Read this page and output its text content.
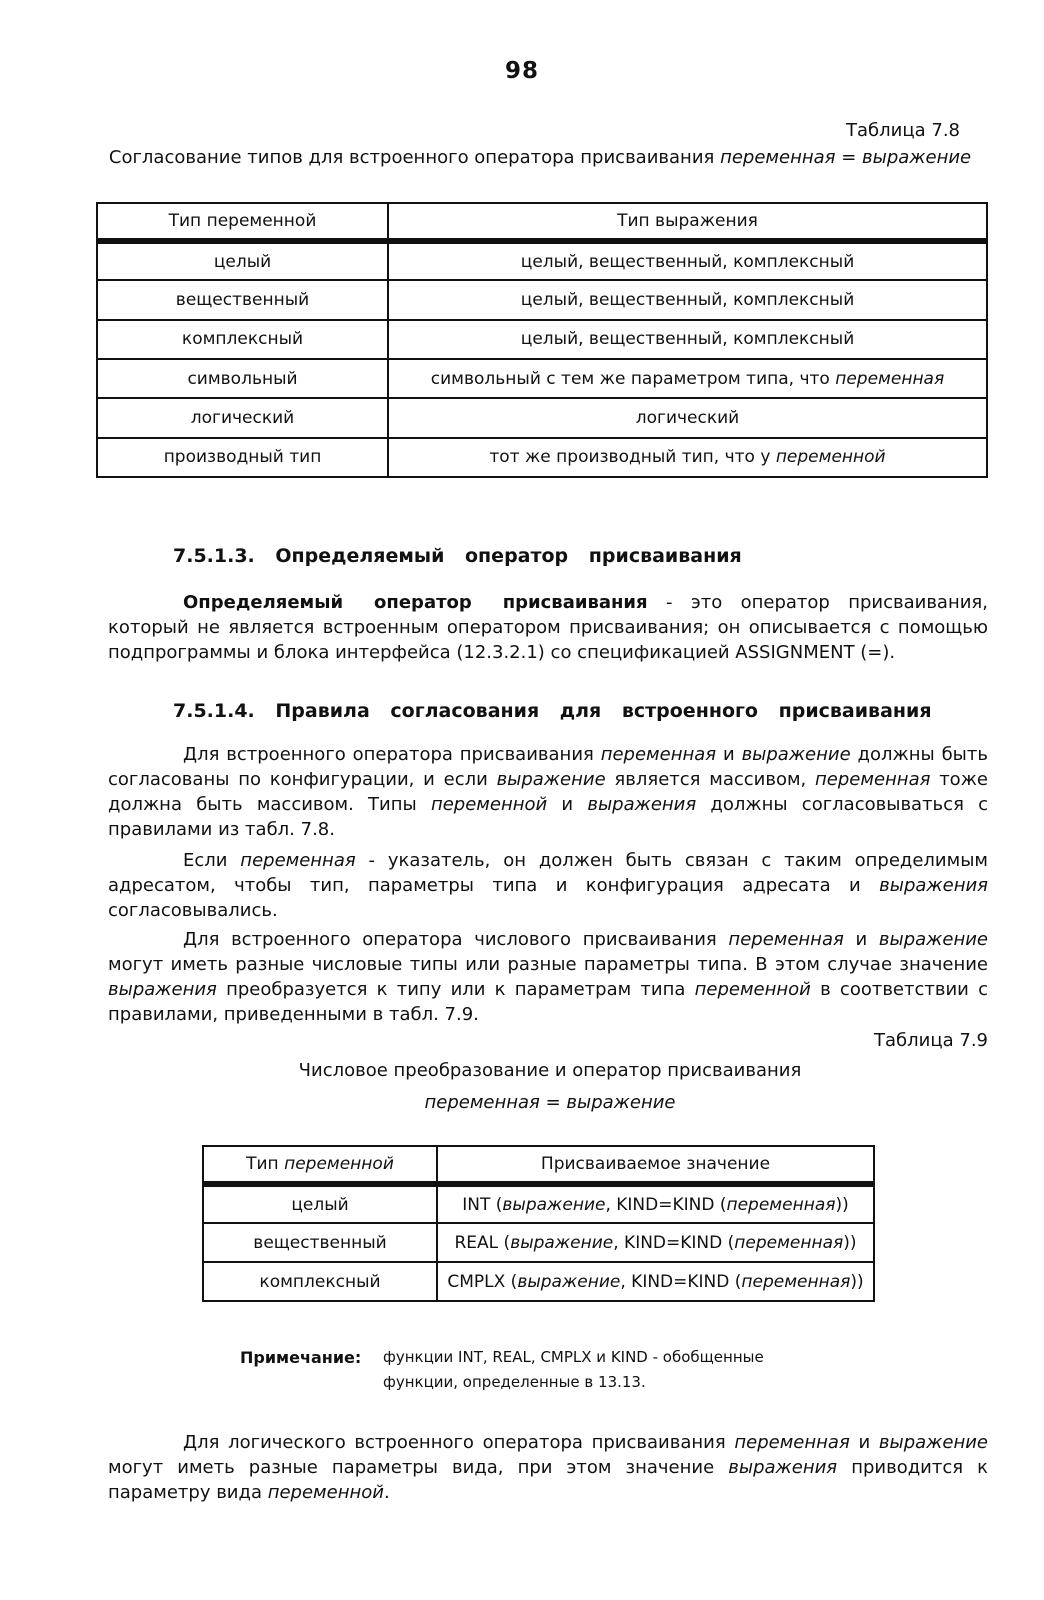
98
Таблица 7.8
Согласование типов для встроенного оператора присваивания переменная = выражение
Тип переменной	Тип выражения
целый	целый, вещественный, комплексный
вещественный	целый, вещественный, комплексный
комплексный	целый, вещественный, комплексный
символьный	символьный с тем же параметром типа, что переменная
логический	логический
производный тип	тот же производный тип, что у переменной
7.5.1.3. Определяемый оператор присваивания
Определяемый оператор присваивания - это оператор присваивания, который не является встроенным оператором присваивания; он описывается с помощью подпрограммы и блока интерфейса (12.3.2.1) со спецификацией ASSIGNMENT (=).
7.5.1.4. Правила согласования для встроенного присваивания
Для встроенного оператора присваивания переменная и выражение должны быть согласованы по конфигурации, и если выражение является массивом, переменная тоже должна быть массивом. Типы переменной и выражения должны согласовываться с правилами из табл. 7.8.
Если переменная - указатель, он должен быть связан с таким определимым адресатом, чтобы тип, параметры типа и конфигурация адресата и выражения согласовывались.
Для встроенного оператора числового присваивания переменная и выражение могут иметь разные числовые типы или разные параметры типа. В этом случае значение выражения преобразуется к типу или к параметрам типа переменной в соответствии с правилами, приведенными в табл. 7.9.
Таблица 7.9
Числовое преобразование и оператор присваивания
переменная = выражение
Тип переменной	Присваиваемое значение
целый	INT (выражение, KIND=KIND (переменная))
вещественный	REAL (выражение, KIND=KIND (переменная))
комплексный	CMPLX (выражение, KIND=KIND (переменная))
Примечание: функции INT, REAL, CMPLX и KIND - обобщенные функции, определенные в 13.13.
Для логического встроенного оператора присваивания переменная и выражение могут иметь разные параметры вида, при этом значение выражения приводится к параметру вида переменной.
